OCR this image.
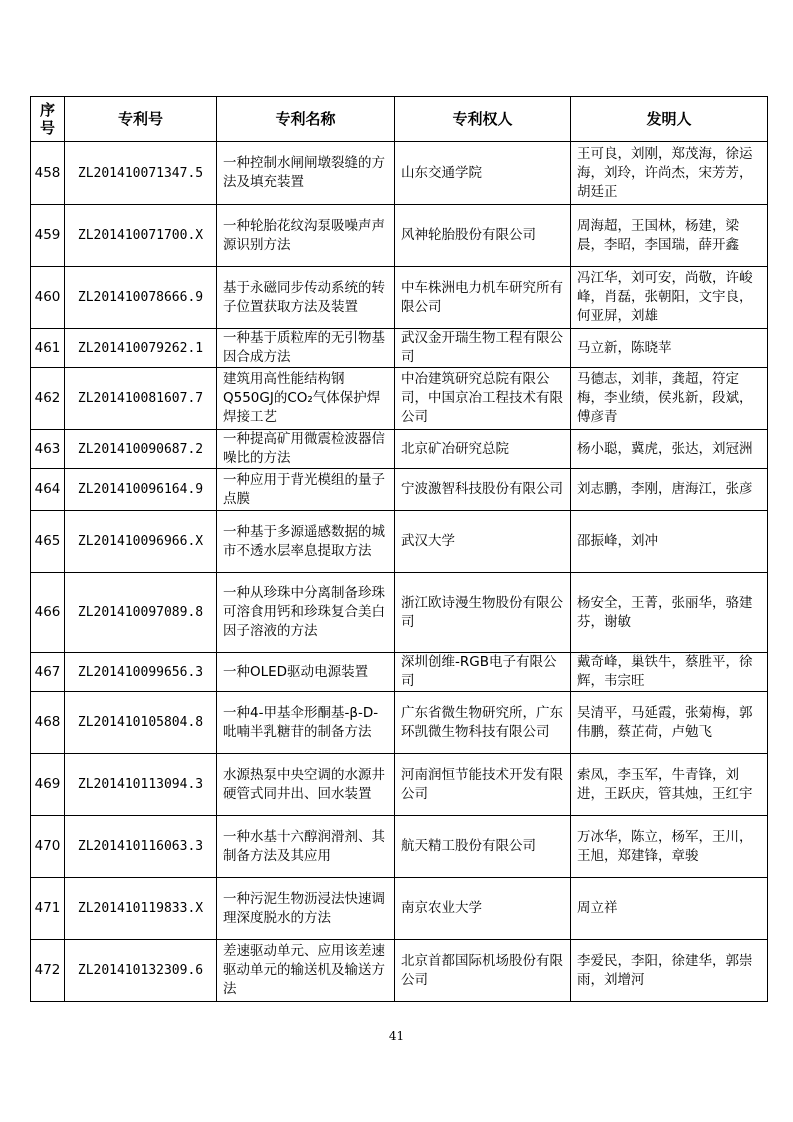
序号	专利号	专利名称	专利权人	发明人
458	ZL201410071347.5	一种控制水闸闸墩裂缝的方法及填充装置	山东交通学院	王可良，刘刚，郑茂海，徐运海，刘玲，许尚杰，宋芳芳，胡廷正
459	ZL201410071700.X	一种轮胎花纹沟泵吸噪声声源识别方法	风神轮胎股份有限公司	周海超，王国林，杨建，梁晨，李昭，李国瑞，薛开鑫
460	ZL201410078666.9	基于永磁同步传动系统的转子位置获取方法及装置	中车株洲电力机车研究所有限公司	冯江华，刘可安，尚敬，许峻峰，肖磊，张朝阳，文宇良，何亚屏，刘雄
461	ZL201410079262.1	一种基于质粒库的无引物基因合成方法	武汉金开瑞生物工程有限公司	马立新，陈晓苹
462	ZL201410081607.7	建筑用高性能结构钢Q550GJ的CO₂气体保护焊焊接工艺	中冶建筑研究总院有限公司，中国京冶工程技术有限公司	马德志，刘菲，龚超，符定梅，李业绩，侯兆新，段斌，傅彦青
463	ZL201410090687.2	一种提高矿用微震检波器信噪比的方法	北京矿冶研究总院	杨小聪，冀虎，张达，刘冠洲
464	ZL201410096164.9	一种应用于背光模组的量子点膜	宁波激智科技股份有限公司	刘志鹏，李刚，唐海江，张彦
465	ZL201410096966.X	一种基于多源遥感数据的城市不透水层率息提取方法	武汉大学	邵振峰，刘冲
466	ZL201410097089.8	一种从珍珠中分离制备珍珠可溶食用钙和珍珠复合美白因子溶液的方法	浙江欧诗漫生物股份有限公司	杨安全，王菁，张丽华，骆建芬，谢敏
467	ZL201410099656.3	一种OLED驱动电源装置	深圳创维-RGB电子有限公司	戴奇峰，巢铁牛，蔡胜平，徐辉，韦宗旺
468	ZL201410105804.8	一种4-甲基伞形酮基-β-D-吡喃半乳糖苷的制备方法	广东省微生物研究所，广东环凯微生物科技有限公司	吴清平，马延霞，张菊梅，郭伟鹏，蔡芷荷，卢勉飞
469	ZL201410113094.3	水源热泵中央空调的水源井硬管式同井出、回水装置	河南润恒节能技术开发有限公司	索凤，李玉军，牛青锋，刘进，王跃庆，管其烛，王红宇
470	ZL201410116063.3	一种水基十六醇润滑剂、其制备方法及其应用	航天精工股份有限公司	万冰华，陈立，杨军，王川，王旭，郑建锋，章骏
471	ZL201410119833.X	一种污泥生物沥浸法快速调理深度脱水的方法	南京农业大学	周立祥
472	ZL201410132309.6	差速驱动单元、应用该差速驱动单元的输送机及输送方法	北京首都国际机场股份有限公司	李爱民，李阳，徐建华，郭崇雨，刘增河
41
